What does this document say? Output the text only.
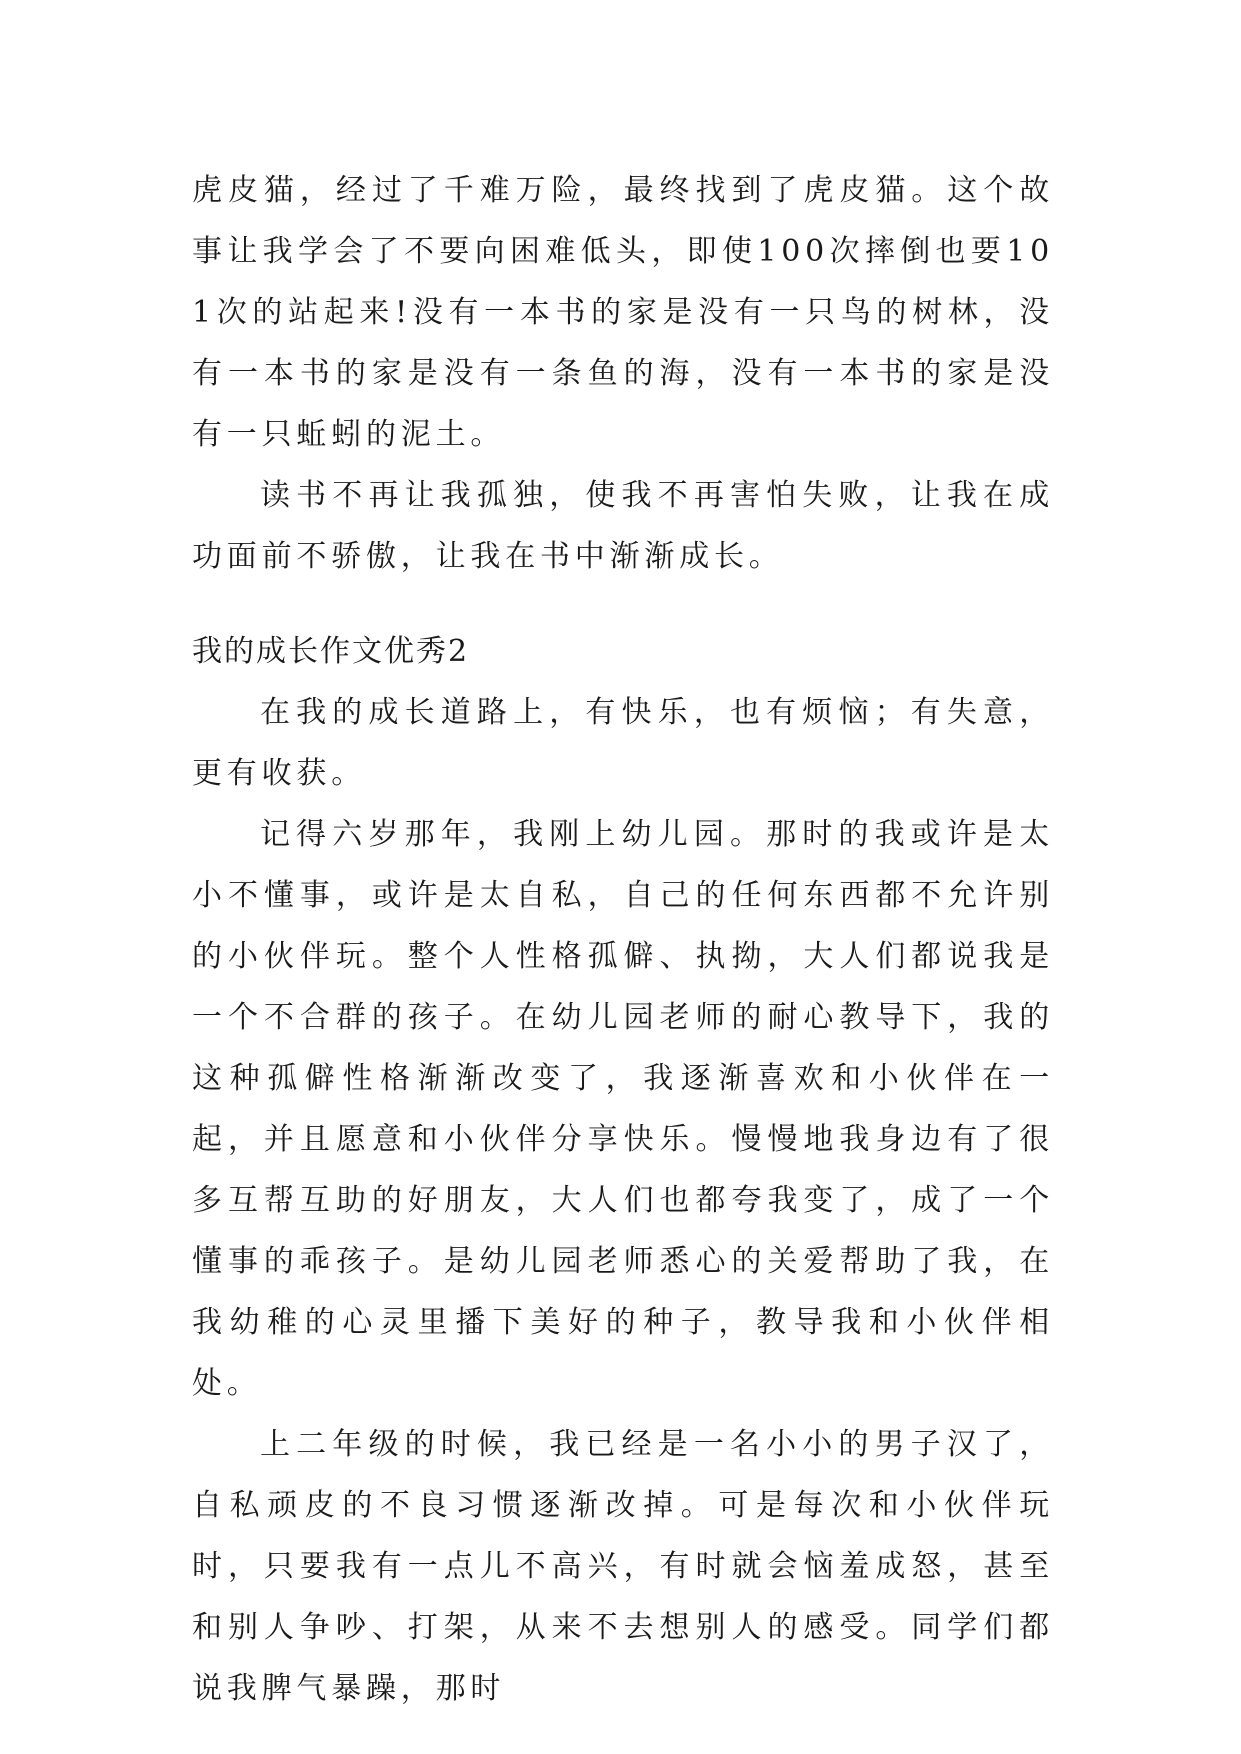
虎皮猫，经过了千难万险，最终找到了虎皮猫。这个故事让我学会了不要向困难低头，即使100次摔倒也要101次的站起来!没有一本书的家是没有一只鸟的树林，没有一本书的家是没有一条鱼的海，没有一本书的家是没有一只蚯蚓的泥土。

读书不再让我孤独，使我不再害怕失败，让我在成功面前不骄傲，让我在书中渐渐成长。

我的成长作文优秀2

在我的成长道路上，有快乐，也有烦恼；有失意，更有收获。

记得六岁那年，我刚上幼儿园。那时的我或许是太小不懂事，或许是太自私，自己的任何东西都不允许别的小伙伴玩。整个人性格孤僻、执拗，大人们都说我是一个不合群的孩子。在幼儿园老师的耐心教导下，我的这种孤僻性格渐渐改变了，我逐渐喜欢和小伙伴在一起，并且愿意和小伙伴分享快乐。慢慢地我身边有了很多互帮互助的好朋友，大人们也都夸我变了，成了一个懂事的乖孩子。是幼儿园老师悉心的关爱帮助了我，在我幼稚的心灵里播下美好的种子，教导我和小伙伴相处。

上二年级的时候，我已经是一名小小的男子汉了，自私顽皮的不良习惯逐渐改掉。可是每次和小伙伴玩时，只要我有一点儿不高兴，有时就会恼羞成怒，甚至和别人争吵、打架，从来不去想别人的感受。同学们都说我脾气暴躁，那时
